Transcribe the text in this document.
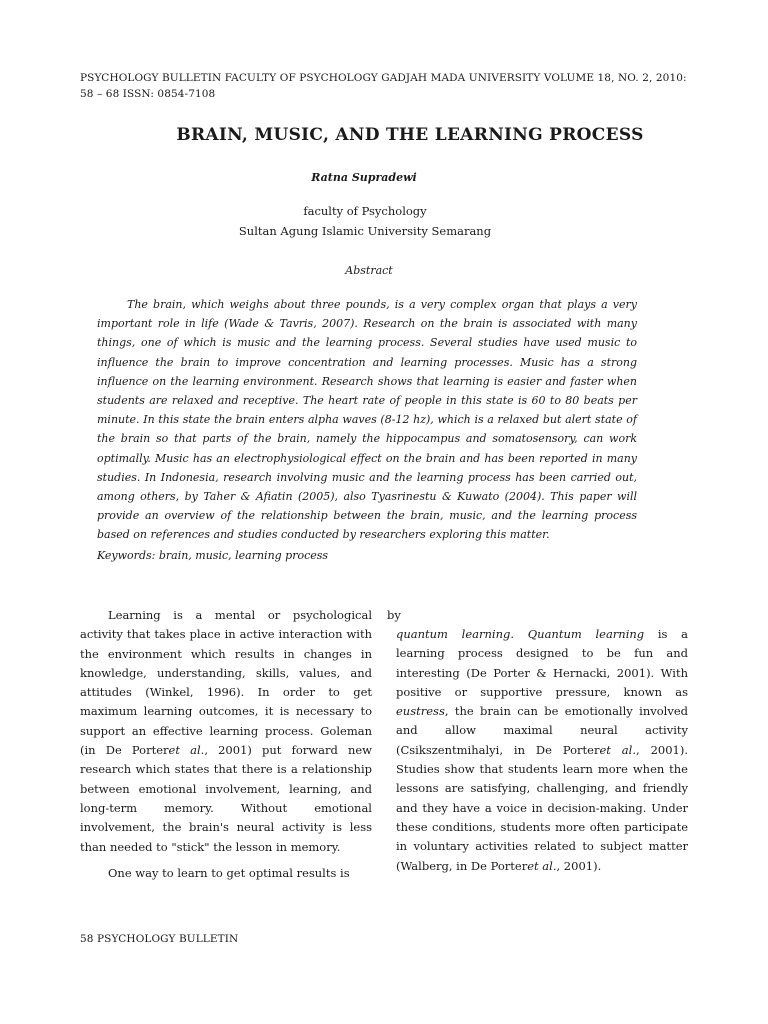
PSYCHOLOGY BULLETIN FACULTY OF PSYCHOLOGY GADJAH MADA UNIVERSITY VOLUME 18, NO. 2, 2010: 58 – 68 ISSN: 0854-7108
BRAIN, MUSIC, AND THE LEARNING PROCESS
Ratna Supradewi
faculty of Psychology
Sultan Agung Islamic University Semarang
Abstract
The brain, which weighs about three pounds, is a very complex organ that plays a very important role in life (Wade & Tavris, 2007). Research on the brain is associated with many things, one of which is music and the learning process. Several studies have used music to influence the brain to improve concentration and learning processes. Music has a strong influence on the learning environment. Research shows that learning is easier and faster when students are relaxed and receptive. The heart rate of people in this state is 60 to 80 beats per minute. In this state the brain enters alpha waves (8-12 hz), which is a relaxed but alert state of the brain so that parts of the brain, namely the hippocampus and somatosensory, can work optimally. Music has an electrophysiological effect on the brain and has been reported in many studies. In Indonesia, research involving music and the learning process has been carried out, among others, by Taher & Afiatin (2005), also Tyasrinestu & Kuwato (2004). This paper will provide an overview of the relationship between the brain, music, and the learning process based on references and studies conducted by researchers exploring this matter.
Keywords: brain, music, learning process

Learning is a mental or psychological activity that takes place in active interaction with the environment which results in changes in knowledge, understanding, skills, values, and attitudes (Winkel, 1996). In order to get maximum learning outcomes, it is necessary to support an effective learning process. Goleman (in De Porteret al., 2001) put forward new research which states that there is a relationship between emotional involvement, learning, and long-term memory. Without emotional involvement, the brain's neural activity is less than needed to "stick" the lesson in memory.

One way to learn to get optimal results is

by

quantum learning. Quantum learning is a learning process designed to be fun and interesting (De Porter & Hernacki, 2001). With positive or supportive pressure, known as eustress, the brain can be emotionally involved and allow maximal neural activity (Csikszentmihalyi, in De Porteret al., 2001). Studies show that students learn more when the lessons are satisfying, challenging, and friendly and they have a voice in decision-making. Under these conditions, students more often participate in voluntary activities related to subject matter (Walberg, in De Porteret al., 2001).

58 PSYCHOLOGY BULLETIN
